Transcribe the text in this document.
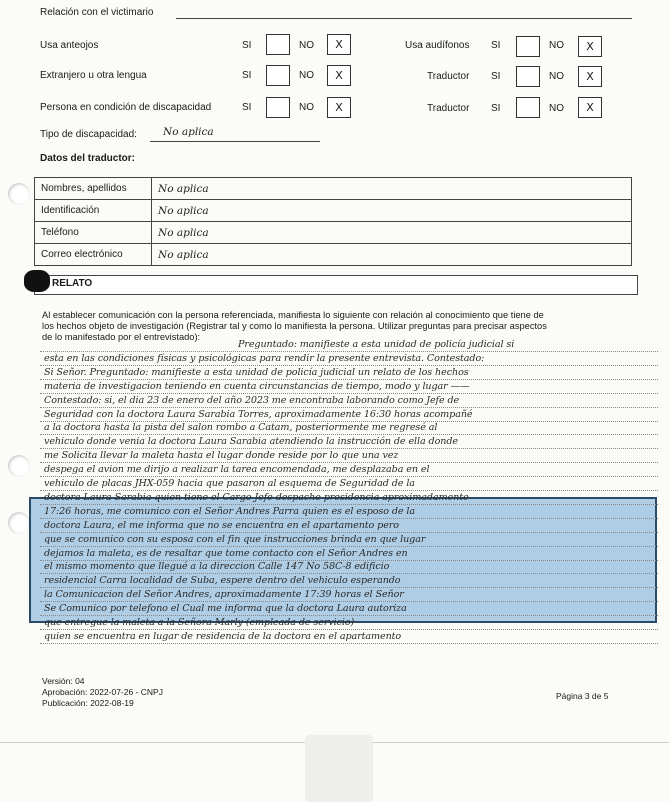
Relación con el victimario
Usa anteojos	SI	NO	X	Usa audífonos SI	NO	X
Extranjero u otra lengua	SI	NO	X	Traductor SI	NO	X
Persona en condición de discapacidad	SI	NO	X	Traductor SI	NO	X
Tipo de discapacidad: No aplica
Datos del traductor:
Nombres, apellidos	No aplica
Identificación	No aplica
Teléfono	No aplica
Correo electrónico	No aplica
RELATO
Al establecer comunicación con la persona referenciada, manifiesta lo siguiente con relación al conocimiento que tiene de
los hechos objeto de investigación (Registrar tal y como lo manifiesta la persona. Utilizar preguntas para precisar aspectos
de lo manifestado por el entrevistado):
Preguntado: manifieste a esta unidad de policía judicial si
esta en las condiciones físicas y psicológicas para rendir la presente entrevista. Contestado:
Si Señor. Preguntado: manifieste a esta unidad de policía judicial un relato de los hechos
materia de investigacion teniendo en cuenta circunstancias de tiempo, modo y lugar ——
Contestado: si, el dia 23 de enero del año 2023 me encontraba laborando como Jefe de
Seguridad con la doctora Laura Sarabia Torres, aproximadamente 16:30 horas acompañé
a la doctora hasta la pista del salon rombo a Catam, posteriormente me regresé al
vehiculo donde venia la doctora Laura Sarabia atendiendo la instrucción de ella donde
me Solicita llevar la maleta hasta el lugar donde reside por lo que una vez
despega el avion me dirijo a realizar la tarea encomendada, me desplazaba en el
vehiculo de placas JHX-059 hacia que pasaron al esquema de Seguridad de la
doctora Laura Sarabia quien tiene el Cargo Jefe despacho presidencia aproximadamente
17:26 horas, me comunico con el Señor Andres Parra quien es el esposo de la
doctora Laura, el me informa que no se encuentra en el apartamento pero
que se comunico con su esposa con el fin que instrucciones brinda en que lugar
dejamos la maleta, es de resaltar que tome contacto con el Señor Andres en
el mismo momento que llegué a la direccion Calle 147 No 58C-8 edificio
residencial Carra localidad de Suba, espere dentro del vehiculo esperando
la Comunicacion del Señor Andres, aproximadamente 17:39 horas el Señor
Se Comunico por telefono el Cual me informa que la doctora Laura autoriza
que entregue la maleta a la Señora Marly (empleada de servicio)
quien se encuentra en lugar de residencia de la doctora en el apartamento
Versión: 04
Aprobación: 2022-07-26 - CNPJ
Publicación: 2022-08-19
Página 3 de 5
